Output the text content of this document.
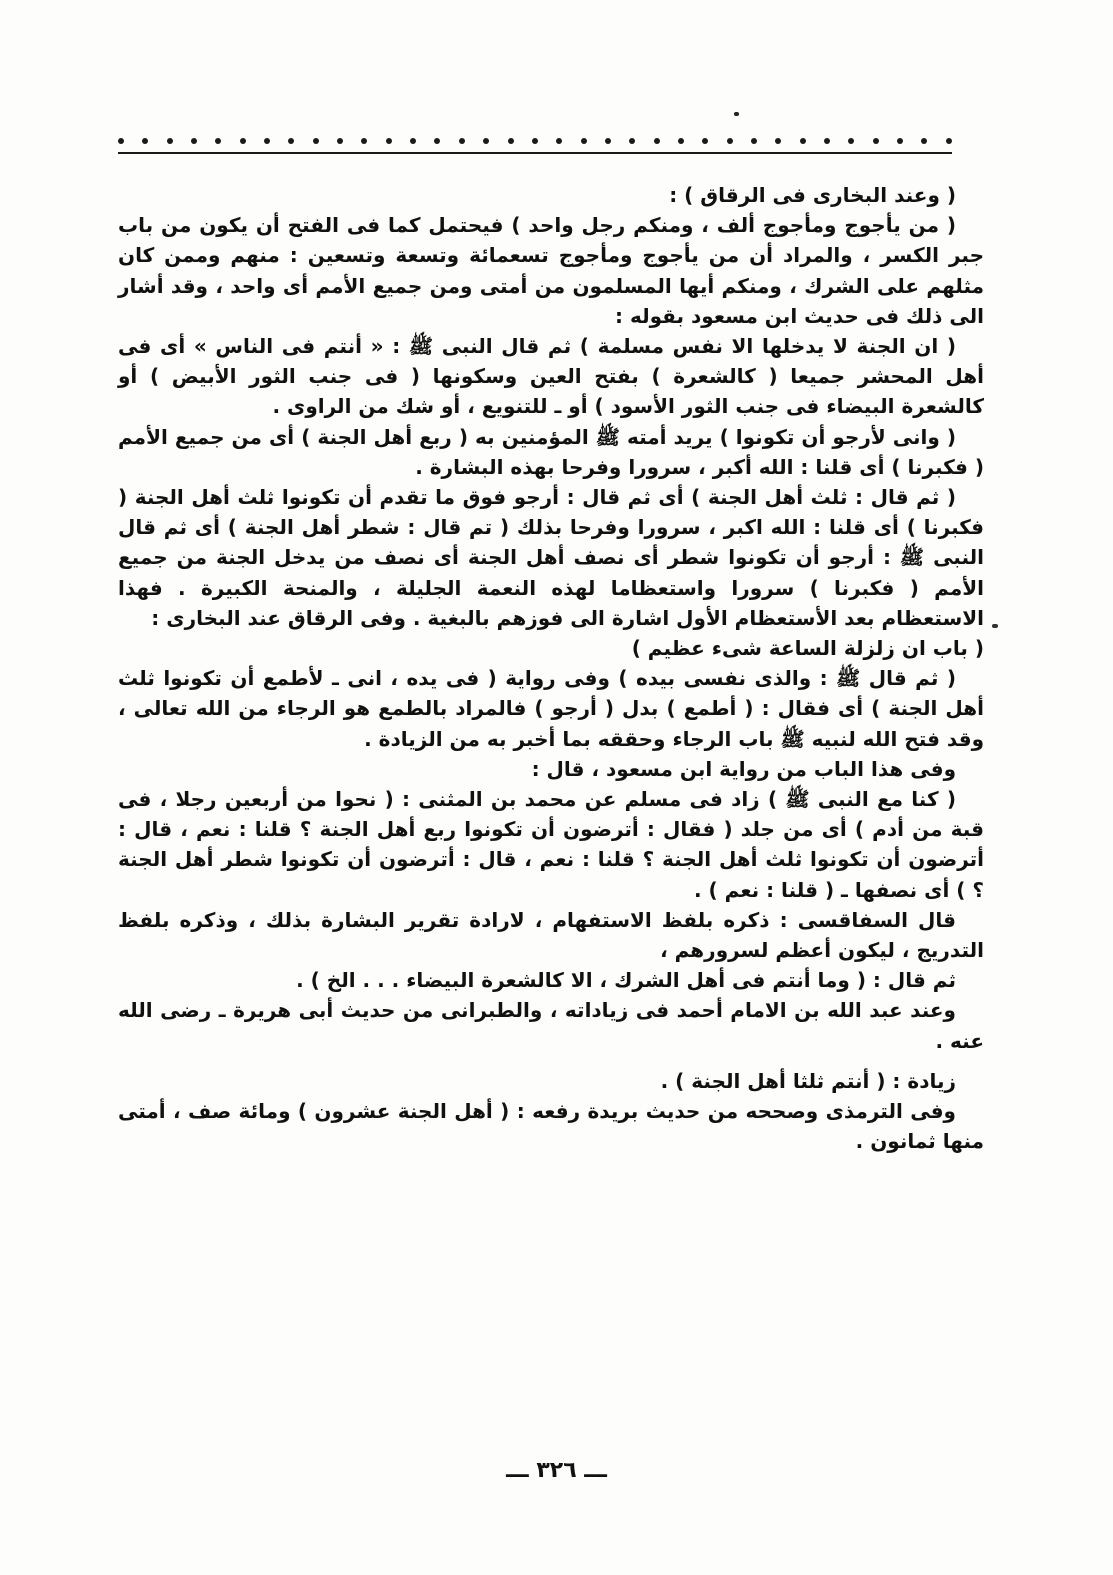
( وعند البخارى فى الرقاق ) :

( من يأجوج ومأجوج ألف ، ومنكم رجل واحد ) فيحتمل كما فى الفتح أن يكون من باب جبر الكسر ، والمراد أن من يأجوج ومأجوج تسعمائة وتسعة وتسعين : منهم وممن كان مثلهم على الشرك ، ومنكم أيها المسلمون من أمتى ومن جميع الأمم أى واحد ، وقد أشار الى ذلك فى حديث ابن مسعود بقوله :

( ان الجنة لا يدخلها الا نفس مسلمة ) ثم قال النبى ﷺ : « أنتم فى الناس » أى فى أهل المحشر جميعا ( كالشعرة ) بفتح العين وسكونها ( فى جنب الثور الأبيض ) أو كالشعرة البيضاء فى جنب الثور الأسود ) أو ـ للتنويع ، أو شك من الراوى .

( وانى لأرجو أن تكونوا ) يريد أمته ﷺ المؤمنين به ( ربع أهل الجنة ) أى من جميع الأمم ( فكبرنا ) أى قلنا : الله أكبر ، سرورا وفرحا بهذه البشارة .

( ثم قال : ثلث أهل الجنة ) أى ثم قال : أرجو فوق ما تقدم أن تكونوا ثلث أهل الجنة ( فكبرنا ) أى قلنا : الله اكبر ، سرورا وفرحا بذلك ( تم قال : شطر أهل الجنة ) أى ثم قال النبى ﷺ : أرجو أن تكونوا شطر أى نصف أهل الجنة أى نصف من يدخل الجنة من جميع الأمم ( فكبرنا ) سرورا واستعظاما لهذه النعمة الجليلة ، والمنحة الكبيرة . فهذا الاستعظام بعد الأستعظام الأول اشارة الى فوزهم بالبغية . وفى الرقاق عند البخارى :

( باب ان زلزلة الساعة شىء عظيم )

( ثم قال ﷺ : والذى نفسى بيده ) وفى رواية ( فى يده ، انى ـ لأطمع أن تكونوا ثلث أهل الجنة ) أى فقال : ( أطمع ) بدل ( أرجو ) فالمراد بالطمع هو الرجاء من الله تعالى ، وقد فتح الله لنبيه ﷺ باب الرجاء وحققه بما أخبر به من الزيادة .

وفى هذا الباب من رواية ابن مسعود ، قال :

( كنا مع النبى ﷺ ) زاد فى مسلم عن محمد بن المثنى : ( نحوا من أربعين رجلا ، فى قبة من أدم ) أى من جلد ( فقال : أترضون أن تكونوا ربع أهل الجنة ؟ قلنا : نعم ، قال : أترضون أن تكونوا ثلث أهل الجنة ؟ قلنا : نعم ، قال : أترضون أن تكونوا شطر أهل الجنة ؟ ) أى نصفها ـ ( قلنا : نعم ) .

قال السفاقسى : ذكره بلفظ الاستفهام ، لارادة تقرير البشارة بذلك ، وذكره بلفظ التدريج ، ليكون أعظم لسرورهم ،

ثم قال : ( وما أنتم فى أهل الشرك ، الا كالشعرة البيضاء . . . الخ ) .

وعند عبد الله بن الامام أحمد فى زياداته ، والطبرانى من حديث أبى هريرة ـ رضى الله عنه .

زيادة : ( أنتم ثلثا أهل الجنة ) .

وفى الترمذى وصححه من حديث بريدة رفعه : ( أهل الجنة عشرون ) ومائة صف ، أمتى منها ثمانون .

ـــ ٣٢٦ ـــ
